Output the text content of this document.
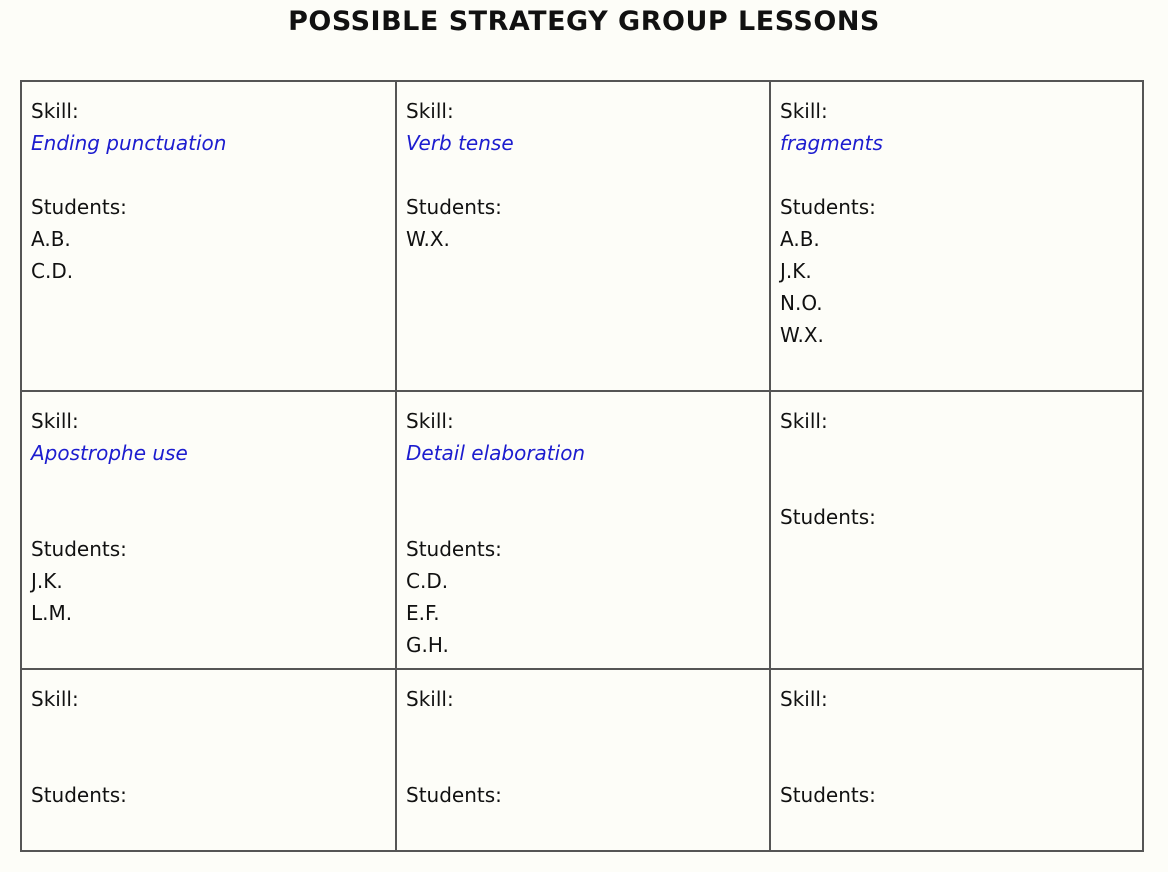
POSSIBLE STRATEGY GROUP LESSONS
Skill:
Ending punctuation
Students:
A.B.
C.D.
Skill:
Verb tense
Students:
W.X.
Skill:
fragments
Students:
A.B.
J.K.
N.O.
W.X.
Skill:
Apostrophe use
Students:
J.K.
L.M.
Skill:
Detail elaboration
Students:
C.D.
E.F.
G.H.
Skill:
Students:
Skill:
Students:
Skill:
Students:
Skill:
Students:
